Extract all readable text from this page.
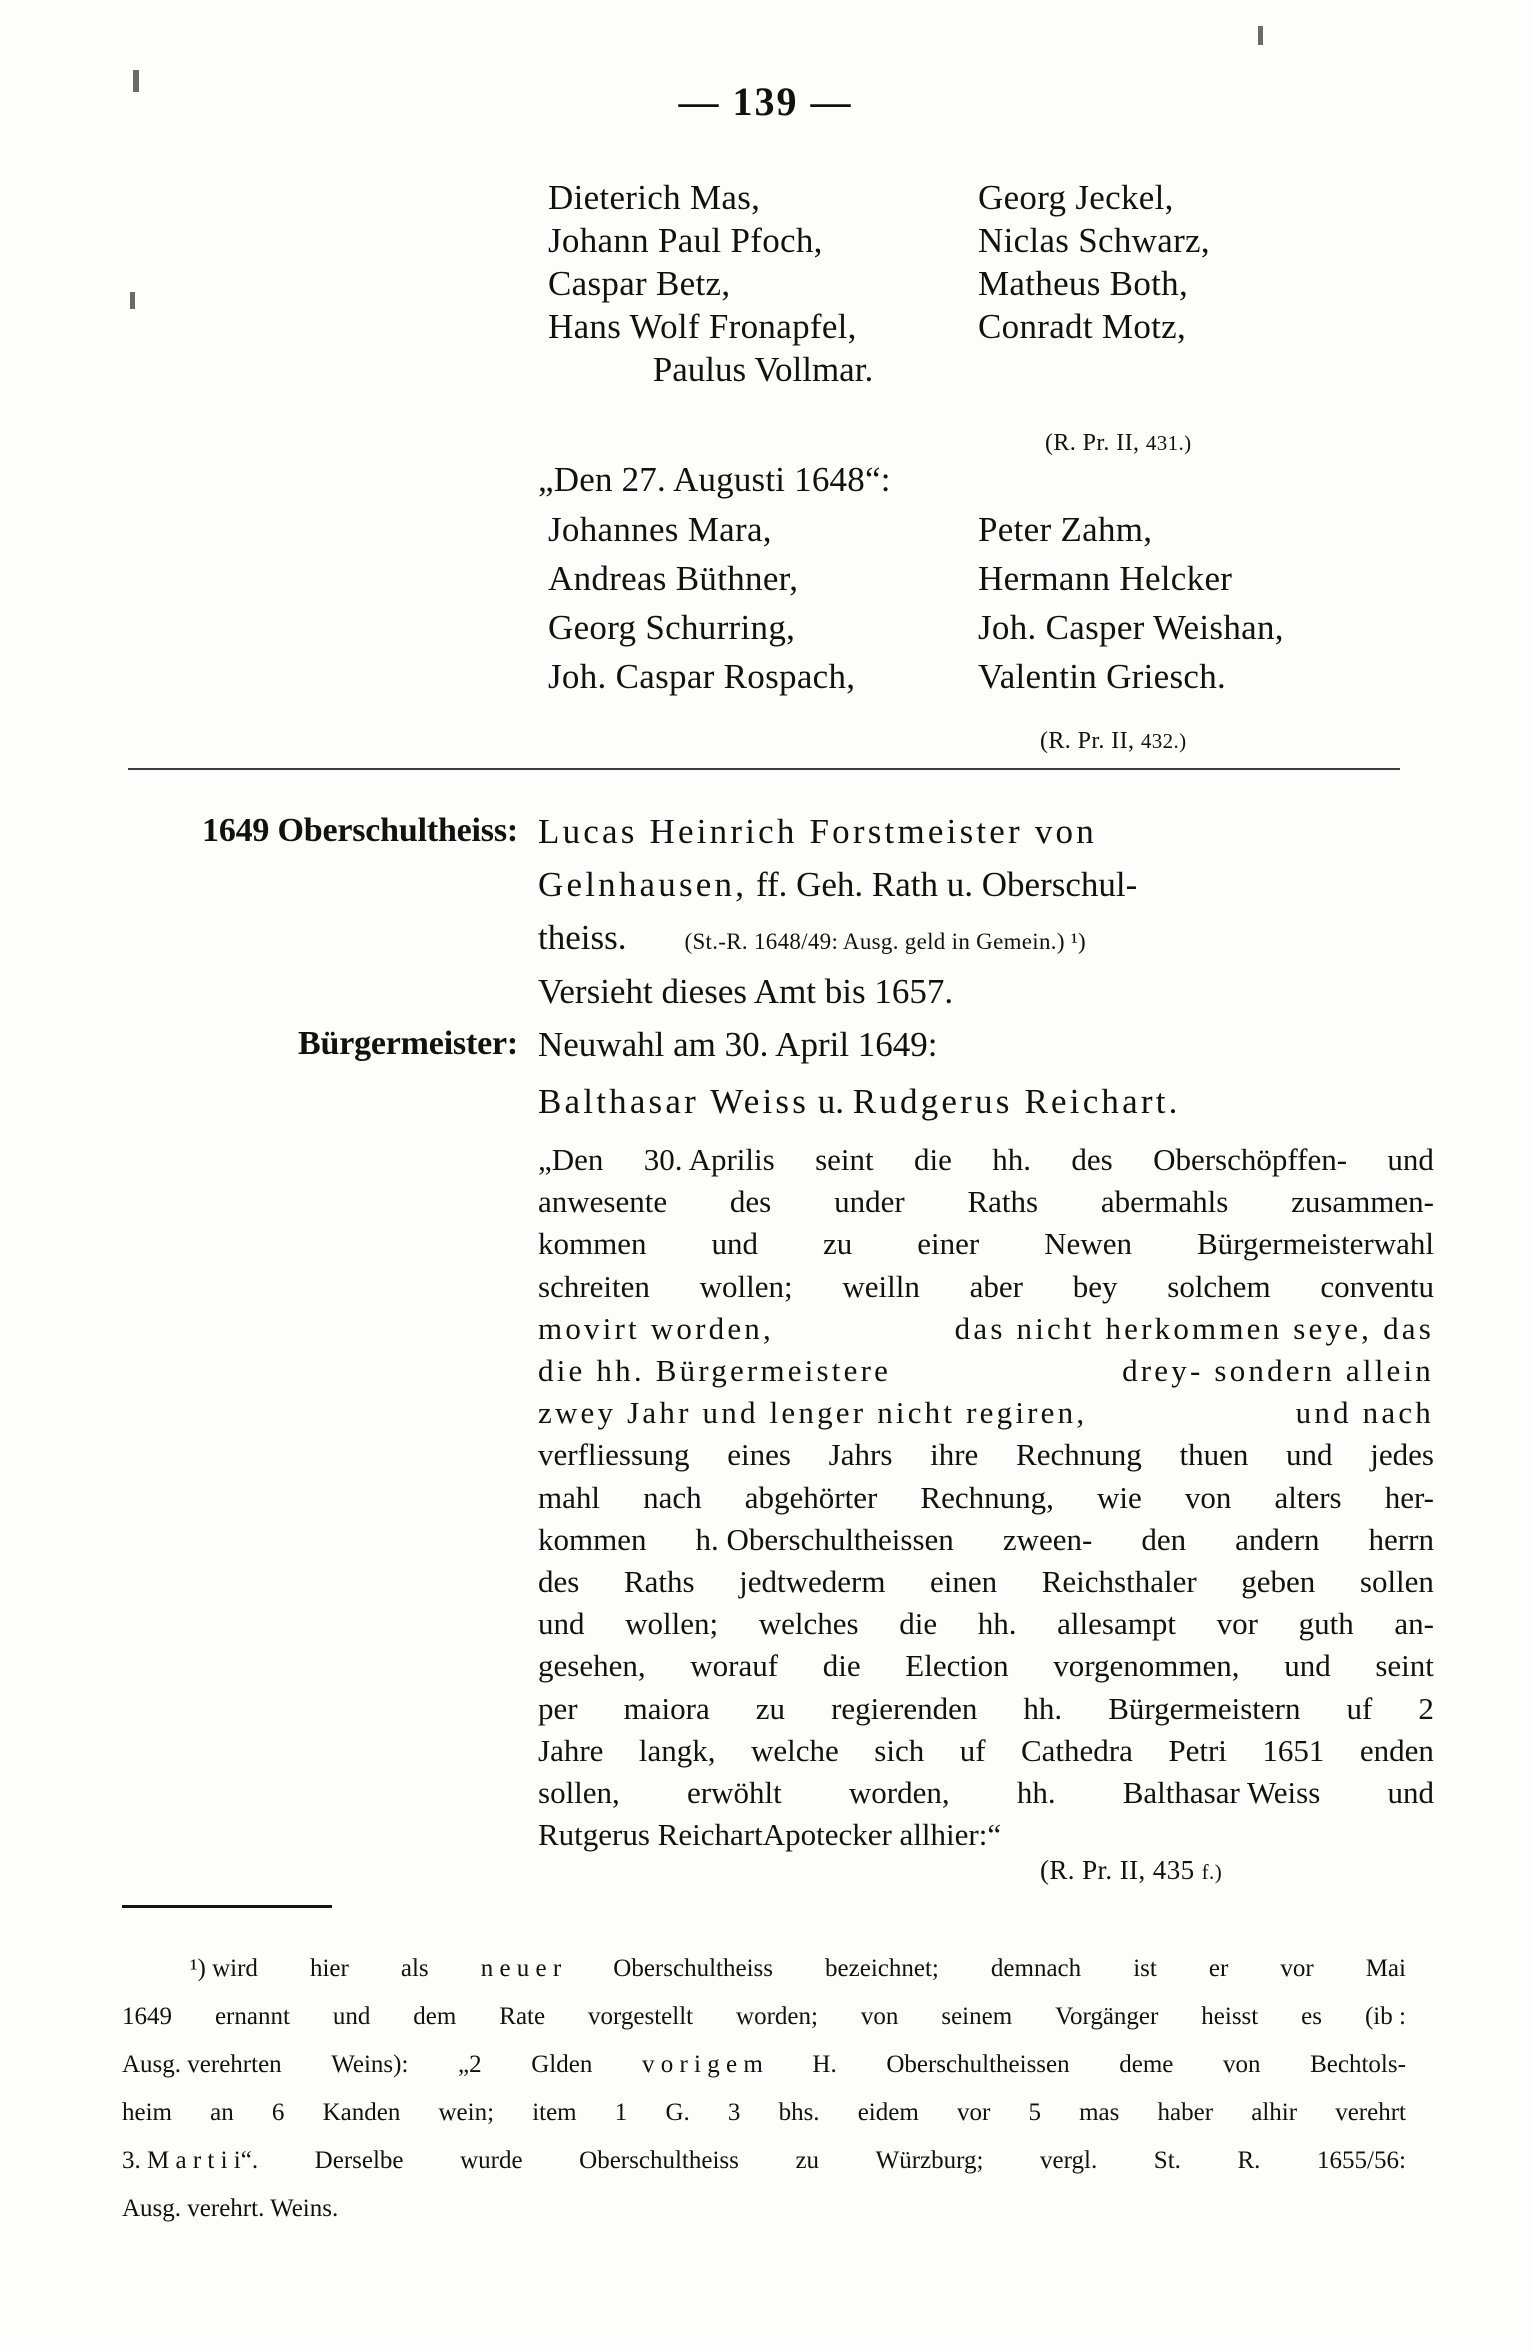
— 139 —
Dieterich Mas,	Georg Jeckel,
Johann Paul Pfoch,	Niclas Schwarz,
Caspar Betz,	Matheus Both,
Hans Wolf Fronapfel,	Conradt Motz,
Paulus Vollmar.
(R. Pr. II, 431.)
„Den 27. Augusti 1648“:
Johannes Mara,	Peter Zahm,
Andreas Büthner,	Hermann Helcker
Georg Schurring,	Joh. Casper Weishan,
Joh. Caspar Rospach,	Valentin Griesch.
(R. Pr. II, 432.)
1649 Oberschultheiss: Lucas Heinrich Forstmeister von
Gelnhausen, ff. Geh. Rath u. Oberschul-
theiss.	(St.-R. 1648/49: Ausg. geld in Gemein.) ¹)
Versieht dieses Amt bis 1657.
Bürgermeister: Neuwahl am 30. April 1649:
Balthasar Weiss u. Rudgerus Reichart.
„Den 30. Aprilis seint die hh. des Oberschöpffen- und
anwesente des under Raths abermahls zusammen-
kommen und zu einer Newen Bürgermeisterwahl
schreiten wollen; weilln aber bey solchem conventu
movirt worden,	das nicht herkommen seye, das
die hh. Bürgermeistere	drey- sondern allein
zwey Jahr und lenger nicht regiren,	und nach
verfliessung eines Jahrs ihre Rechnung thuen und jedes
mahl nach abgehörter Rechnung, wie von alters her-
kommen h. Oberschultheissen zween- den andern herrn
des Raths jedtwederm einen Reichsthaler geben sollen
und wollen; welches die hh. allesampt vor guth an-
gesehen, worauf die Election vorgenommen, und seint
per maiora zu regierenden hh. Bürgermeistern uf 2
Jahre langk, welche sich uf Cathedra Petri 1651 enden
sollen, erwöhlt worden, hh. Balthasar Weiss und
Rutgerus Reichart Apotecker allhier:“
(R. Pr. II, 435 f.)
¹) wird hier als n e u e r Oberschultheiss bezeichnet; demnach ist er vor Mai
1649 ernannt und dem Rate vorgestellt worden; von seinem Vorgänger heisst es (ib :
Ausg. verehrten Weins): „2 Glden v o r i g e m H. Oberschultheissen deme von Bechtols-
heim an 6 Kanden wein; item 1 G. 3 bhs. eidem vor 5 mas haber alhir verehrt
3. M a r t i i“. Derselbe wurde Oberschultheiss zu Würzburg; vergl. St. R. 1655/56:
Ausg. verehrt. Weins.
